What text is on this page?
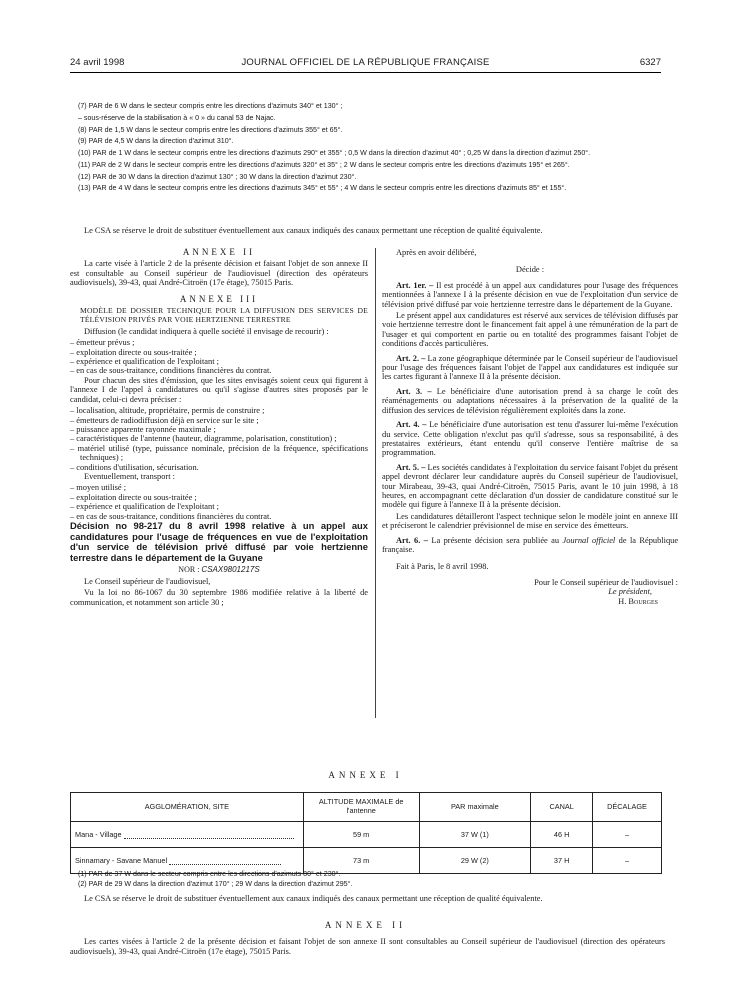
24 avril 1998	JOURNAL OFFICIEL DE LA RÉPUBLIQUE FRANÇAISE	6327

(7) PAR de 6 W dans le secteur compris entre les directions d'azimuts 340° et 130° ;

– sous-réserve de la stabilisation à « 0 » du canal 53 de Najac.

(8) PAR de 1,5 W dans le secteur compris entre les directions d'azimuts 355° et 65°.

(9) PAR de 4,5 W dans la direction d'azimut 310°.

(10) PAR de 1 W dans le secteur compris entre les directions d'azimuts 290° et 355° ; 0,5 W dans la direction d'azimut 40° ; 0,25 W dans la direction d'azimut 250°.

(11) PAR de 2 W dans le secteur compris entre les directions d'azimuts 320° et 35° ; 2 W dans le secteur compris entre les directions d'azimuts 195° et 265°.

(12) PAR de 30 W dans la direction d'azimut 130° ; 30 W dans la direction d'azimut 230°.

(13) PAR de 4 W dans le secteur compris entre les directions d'azimuts 345° et 55° ; 4 W dans le secteur compris entre les directions d'azimuts 85° et 155°.

Le CSA se réserve le droit de substituer éventuellement aux canaux indiqués des canaux permettant une réception de qualité équivalente.

ANNEXE II

La carte visée à l'article 2 de la présente décision et faisant l'objet de son annexe II est consultable au Conseil supérieur de l'audiovisuel (direction des opérateurs audiovisuels), 39-43, quai André-Citroën (17e étage), 75015 Paris.

ANNEXE III

MODÈLE DE DOSSIER TECHNIQUE POUR LA DIFFUSION DES SERVICES DE TÉLÉVISION PRIVÉS PAR VOIE HERTZIENNE TERRESTRE

Diffusion (le candidat indiquera à quelle société il envisage de recourir) :

– émetteur prévus ;
– exploitation directe ou sous-traitée ;
– expérience et qualification de l'exploitant ;
– en cas de sous-traitance, conditions financières du contrat.

Pour chacun des sites d'émission, que les sites envisagés soient ceux qui figurent à l'annexe I de l'appel à candidatures ou qu'il s'agisse d'autres sites proposés par le candidat, celui-ci devra préciser :

– localisation, altitude, propriétaire, permis de construire ;
– émetteurs de radiodiffusion déjà en service sur le site ;
– puissance apparente rayonnée maximale ;
– caractéristiques de l'antenne (hauteur, diagramme, polarisation, constitution) ;
– matériel utilisé (type, puissance nominale, précision de la fréquence, spécifications techniques) ;
– conditions d'utilisation, sécurisation.

Eventuellement, transport :

– moyen utilisé ;
– exploitation directe ou sous-traitée ;
– expérience et qualification de l'exploitant ;
– en cas de sous-traitance, conditions financières du contrat.

Décision no 98-217 du 8 avril 1998 relative à un appel aux candidatures pour l'usage de fréquences en vue de l'exploitation d'un service de télévision privé diffusé par voie hertzienne terrestre dans le département de la Guyane

NOR : CSAX9801217S

Le Conseil supérieur de l'audiovisuel,

Vu la loi no 86-1067 du 30 septembre 1986 modifiée relative à la liberté de communication, et notamment son article 30 ;

Après en avoir délibéré,

Décide :

Art. 1er. – Il est procédé à un appel aux candidatures pour l'usage des fréquences mentionnées à l'annexe I à la présente décision en vue de l'exploitation d'un service de télévision privé diffusé par voie hertzienne terrestre dans le département de la Guyane.

Le présent appel aux candidatures est réservé aux services de télévision diffusés par voie hertzienne terrestre dont le financement fait appel à une rémunération de la part de l'usager et qui comportent en partie ou en totalité des programmes faisant l'objet de conditions d'accès particulières.

Art. 2. – La zone géographique déterminée par le Conseil supérieur de l'audiovisuel pour l'usage des fréquences faisant l'objet de l'appel aux candidatures est indiquée sur les cartes figurant à l'annexe II à la présente décision.

Art. 3. – Le bénéficiaire d'une autorisation prend à sa charge le coût des réaménagements ou adaptations nécessaires à la préservation de la qualité de la diffusion des services de télévision régulièrement exploités dans la zone.

Art. 4. – Le bénéficiaire d'une autorisation est tenu d'assurer lui-même l'exécution du service. Cette obligation n'exclut pas qu'il s'adresse, sous sa responsabilité, à des prestataires extérieurs, étant entendu qu'il conserve l'entière maîtrise de sa programmation.

Art. 5. – Les sociétés candidates à l'exploitation du service faisant l'objet du présent appel devront déclarer leur candidature auprès du Conseil supérieur de l'audiovisuel, tour Mirabeau, 39-43, quai André-Citroën, 75015 Paris, avant le 10 juin 1998, à 18 heures, en accompagnant cette déclaration d'un dossier de candidature constitué sur le modèle qui figure à l'annexe II à la présente décision.

Les candidatures détailleront l'aspect technique selon le modèle joint en annexe III et préciseront le calendrier prévisionnel de mise en service des émetteurs.

Art. 6. – La présente décision sera publiée au Journal officiel de la République française.

Fait à Paris, le 8 avril 1998.

Pour le Conseil supérieur de l'audiovisuel :
Le président,
H. Bourges
ANNEXE I
AGGLOMÉRATION, SITE	ALTITUDE MAXIMALE de l'antenne	PAR maximale	CANAL	DÉCALAGE
Mana - Village	59 m	37 W (1)	46 H	–
Sinnamary - Savane Manuel	73 m	29 W (2)	37 H	–

(1) PAR de 37 W dans le secteur compris entre les directions d'azimuts 80° et 230°.

(2) PAR de 29 W dans la direction d'azimut 170° ; 29 W dans la direction d'azimut 295°.

Le CSA se réserve le droit de substituer éventuellement aux canaux indiqués des canaux permettant une réception de qualité équivalente.

ANNEXE II

Les cartes visées à l'article 2 de la présente décision et faisant l'objet de son annexe II sont consultables au Conseil supérieur de l'audiovisuel (direction des opérateurs audiovisuels), 39-43, quai André-Citroën (17e étage), 75015 Paris.
